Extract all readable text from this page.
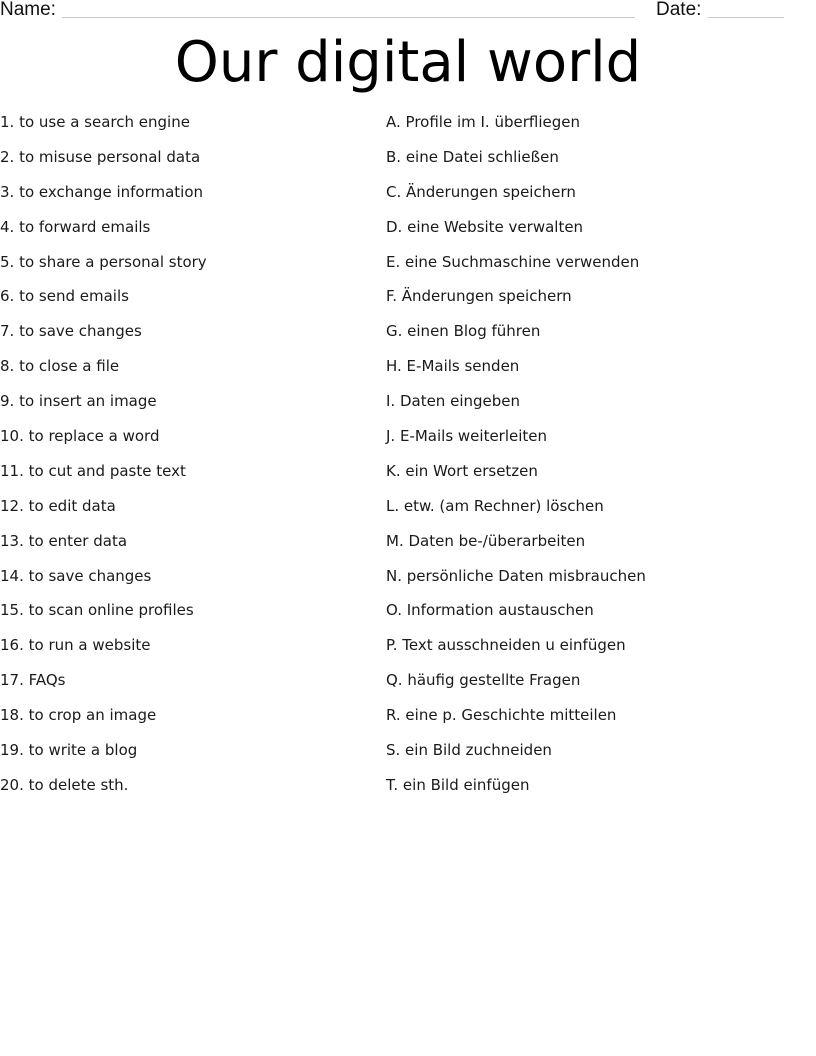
Name:	Date:
Our digital world
1. to use a search engine
2. to misuse personal data
3. to exchange information
4. to forward emails
5. to share a personal story
6. to send emails
7. to save changes
8. to close a file
9. to insert an image
10. to replace a word
11. to cut and paste text
12. to edit data
13. to enter data
14. to save changes
15. to scan online profiles
16. to run a website
17. FAQs
18. to crop an image
19. to write a blog
20. to delete sth.
A. Profile im I. überfliegen
B. eine Datei schließen
C. Änderungen speichern
D. eine Website verwalten
E. eine Suchmaschine verwenden
F. Änderungen speichern
G. einen Blog führen
H. E-Mails senden
I. Daten eingeben
J. E-Mails weiterleiten
K. ein Wort ersetzen
L. etw. (am Rechner) löschen
M. Daten be-/überarbeiten
N. persönliche Daten misbrauchen
O. Information austauschen
P. Text ausschneiden u einfügen
Q. häufig gestellte Fragen
R. eine p. Geschichte mitteilen
S. ein Bild zuchneiden
T. ein Bild einfügen
